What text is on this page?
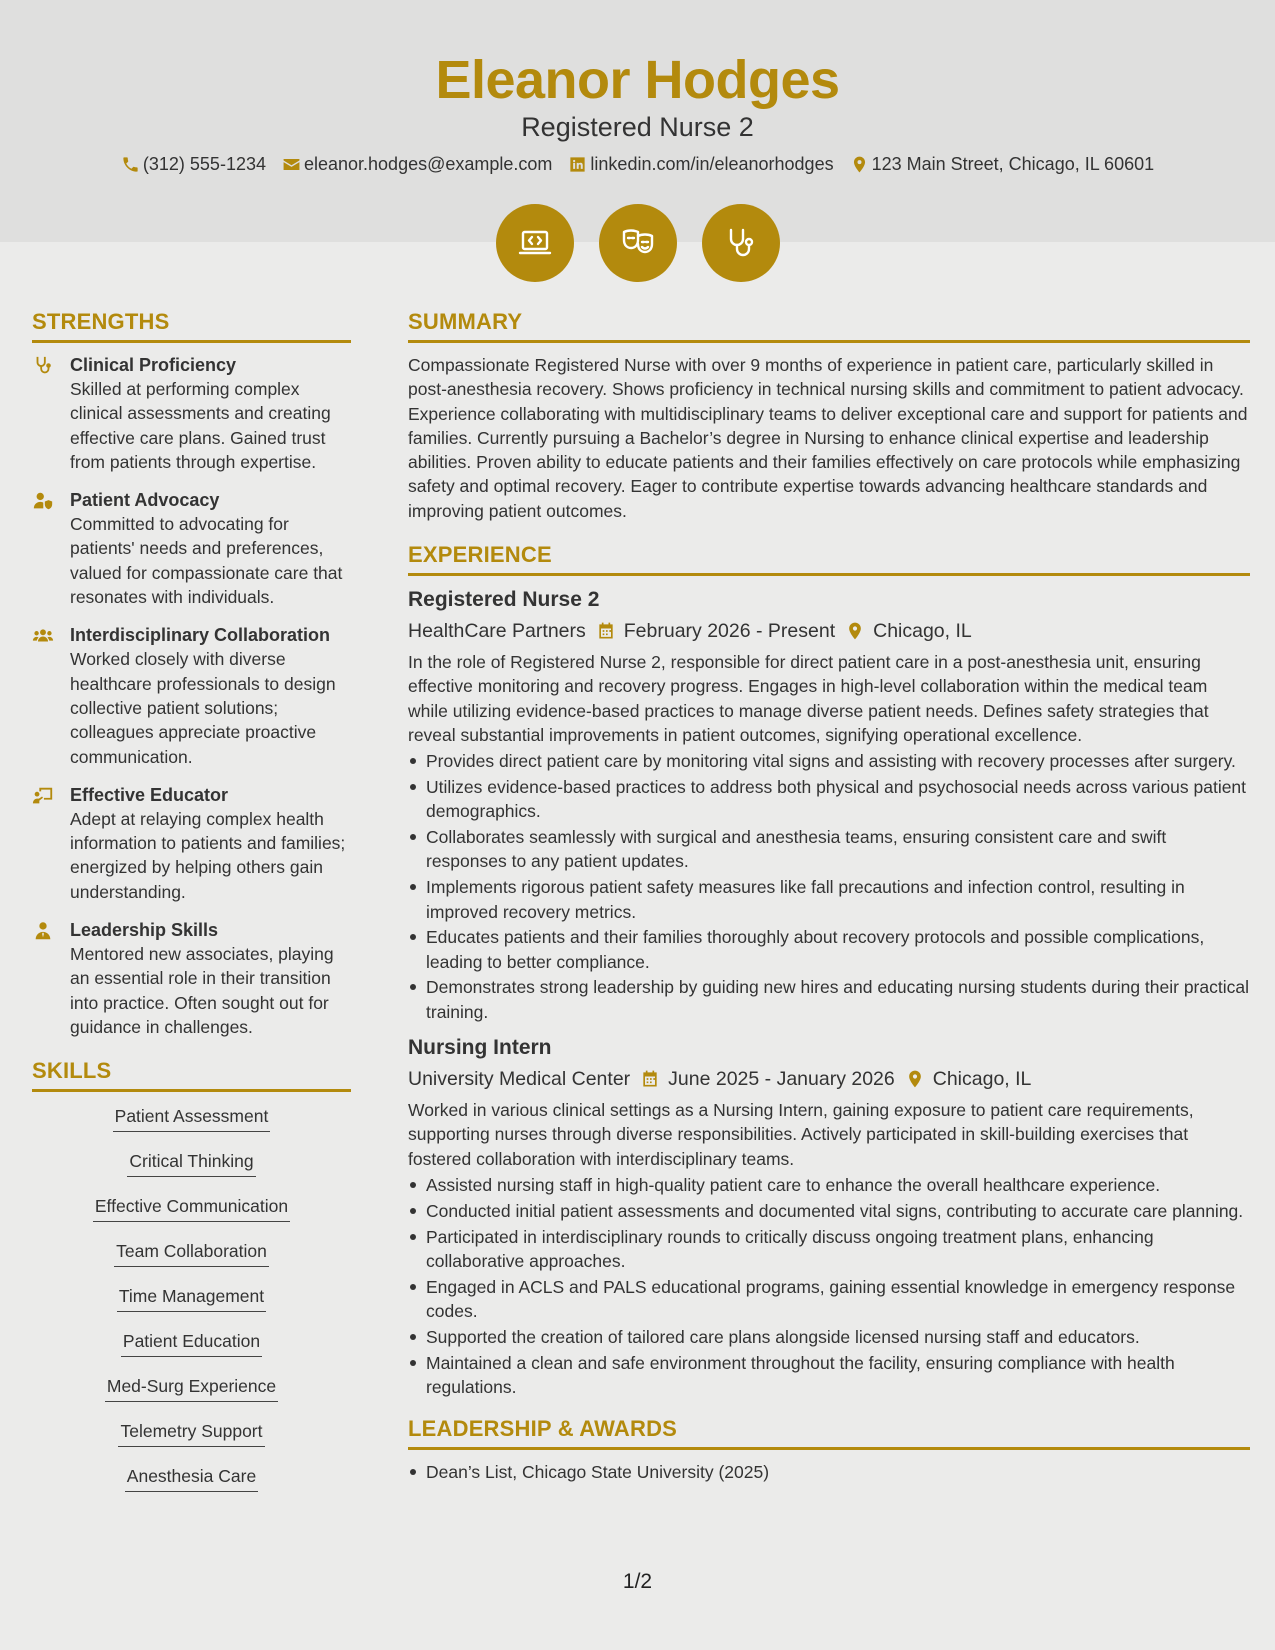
Eleanor Hodges
Registered Nurse 2
(312) 555-1234 eleanor.hodges@example.com linkedin.com/in/eleanorhodges 123 Main Street, Chicago, IL 60601
STRENGTHS
Clinical Proficiency
Skilled at performing complex clinical assessments and creating effective care plans. Gained trust from patients through expertise.
Patient Advocacy
Committed to advocating for patients' needs and preferences, valued for compassionate care that resonates with individuals.
Interdisciplinary Collaboration
Worked closely with diverse healthcare professionals to design collective patient solutions; colleagues appreciate proactive communication.
Effective Educator
Adept at relaying complex health information to patients and families; energized by helping others gain understanding.
Leadership Skills
Mentored new associates, playing an essential role in their transition into practice. Often sought out for guidance in challenges.
SKILLS
Patient Assessment
Critical Thinking
Effective Communication
Team Collaboration
Time Management
Patient Education
Med-Surg Experience
Telemetry Support
Anesthesia Care
SUMMARY
Compassionate Registered Nurse with over 9 months of experience in patient care, particularly skilled in post-anesthesia recovery. Shows proficiency in technical nursing skills and commitment to patient advocacy. Experience collaborating with multidisciplinary teams to deliver exceptional care and support for patients and families. Currently pursuing a Bachelor’s degree in Nursing to enhance clinical expertise and leadership abilities. Proven ability to educate patients and their families effectively on care protocols while emphasizing safety and optimal recovery. Eager to contribute expertise towards advancing healthcare standards and improving patient outcomes.
EXPERIENCE
Registered Nurse 2
HealthCare Partners February 2026 - Present Chicago, IL
In the role of Registered Nurse 2, responsible for direct patient care in a post-anesthesia unit, ensuring effective monitoring and recovery progress. Engages in high-level collaboration within the medical team while utilizing evidence-based practices to manage diverse patient needs. Defines safety strategies that reveal substantial improvements in patient outcomes, signifying operational excellence.
Provides direct patient care by monitoring vital signs and assisting with recovery processes after surgery.
Utilizes evidence-based practices to address both physical and psychosocial needs across various patient demographics.
Collaborates seamlessly with surgical and anesthesia teams, ensuring consistent care and swift responses to any patient updates.
Implements rigorous patient safety measures like fall precautions and infection control, resulting in improved recovery metrics.
Educates patients and their families thoroughly about recovery protocols and possible complications, leading to better compliance.
Demonstrates strong leadership by guiding new hires and educating nursing students during their practical training.
Nursing Intern
University Medical Center June 2025 - January 2026 Chicago, IL
Worked in various clinical settings as a Nursing Intern, gaining exposure to patient care requirements, supporting nurses through diverse responsibilities. Actively participated in skill-building exercises that fostered collaboration with interdisciplinary teams.
Assisted nursing staff in high-quality patient care to enhance the overall healthcare experience.
Conducted initial patient assessments and documented vital signs, contributing to accurate care planning.
Participated in interdisciplinary rounds to critically discuss ongoing treatment plans, enhancing collaborative approaches.
Engaged in ACLS and PALS educational programs, gaining essential knowledge in emergency response codes.
Supported the creation of tailored care plans alongside licensed nursing staff and educators.
Maintained a clean and safe environment throughout the facility, ensuring compliance with health regulations.
LEADERSHIP & AWARDS
Dean’s List, Chicago State University (2025)
1/2
